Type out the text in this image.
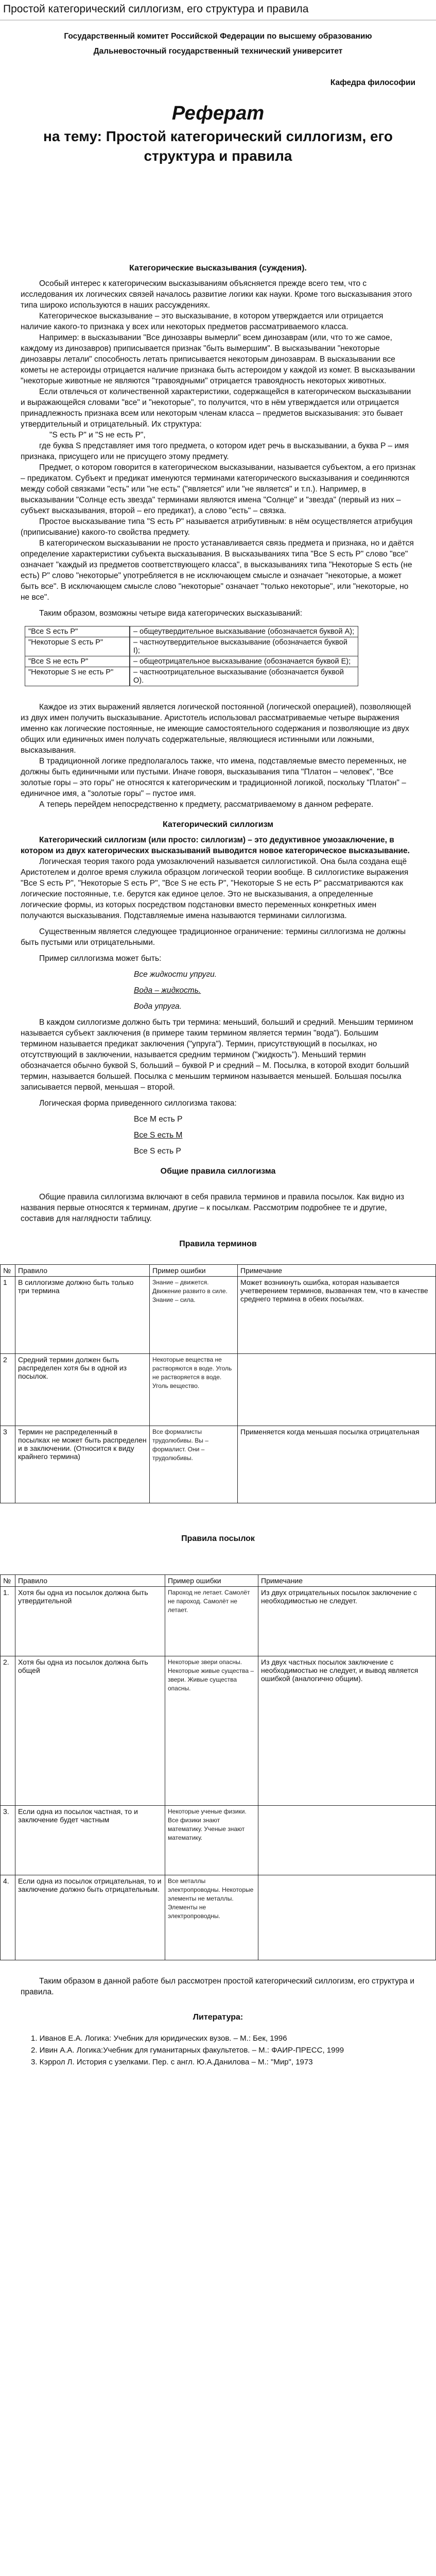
Простой категорический силлогизм, его структура и правила

Государственный комитет Российской Федерации по высшему образованию

Дальневосточный государственный технический университет

Кафедра философии

Реферат
на тему: Простой категорический силлогизм, его структура и правила

Категорические высказывания (суждения).

Особый интерес к категорическим высказываниям объясняется прежде всего тем, что с исследования их логических связей началось развитие логики как науки. Кроме того высказывания этого типа широко используются в наших рассуждениях.

Категорическое высказывание – это высказывание, в котором утверждается или отрицается наличие какого-то признака у всех или некоторых предметов рассматриваемого класса.

Например: в высказывании "Все динозавры вымерли" всем динозаврам (или, что то же самое, каждому из динозавров) приписывается признак "быть вымершим". В высказывании "некоторые динозавры летали" способность летать приписывается некоторым динозаврам. В высказывании все кометы не астероиды отрицается наличие признака быть астероидом у каждой из комет. В высказывании "некоторые животные не являются "травоядными" отрицается травоядность некоторых животных.

Если отвлечься от количественной характеристики, содержащейся в категорическом высказывании и выражающейся словами "все" и "некоторые", то получится, что в нём утверждается или отрицается принадлежность признака всем или некоторым членам класса – предметов высказывания: это бывает утвердительный и отрицательный. Их структура:

"S есть P" и "S не есть P",

где буква S представляет имя того предмета, о котором идет речь в высказывании, а буква P – имя признака, присущего или не присущего этому предмету.

Предмет, о котором говорится в категорическом высказывании, называется субъектом, а его признак – предикатом. Субъект и предикат именуются терминами категорического высказывания и соединяются между собой связками "есть" или "не есть" ("является" или "не является" и т.п.). Например, в высказывании "Солнце есть звезда" терминами являются имена "Солнце" и "звезда" (первый из них – субъект высказывания, второй – его предикат), а слово "есть" – связка.

Простое высказывание типа "S есть P" называется атрибутивным: в нём осуществляется атрибуция (приписывание) какого-то свойства предмету.

В категорическом высказывании не просто устанавливается связь предмета и признака, но и даётся определение характеристики субъекта высказывания. В высказываниях типа "Все S есть P" слово "все" означает "каждый из предметов соответствующего класса", в высказываниях типа "Некоторые S есть (не есть) P" слово "некоторые" употребляется в не исключающем смысле и означает "некоторые, а может быть все". В исключающем смысле слово "некоторые" означает "только некоторые", или "некоторые, но не все".

Таким образом, возможны четыре вида категорических высказываний:

"Все S есть P"	– общеутвердительное высказывание (обозначается буквой A);
"Некоторые S есть P"	– частноутвердительное высказывание (обозначается буквой I);
"Все S не есть P"	– общеотрицательное высказывание (обозначается буквой E);
"Некоторые S не есть P"	– частноотрицательное высказывание (обозначается буквой O).

Каждое из этих выражений является логической постоянной (логической операцией), позволяющей из двух имен получить высказывание. Аристотель использовал рассматриваемые четыре выражения именно как логические постоянные, не имеющие самостоятельного содержания и позволяющие из двух общих или единичных имен получать содержательные, являющиеся истинными или ложными, высказывания.

В традиционной логике предполагалось также, что имена, подставляемые вместо переменных, не должны быть единичными или пустыми. Иначе говоря, высказывания типа "Платон – человек", "Все золотые горы – это горы" не относятся к категорическим и традиционной логикой, поскольку "Платон" – единичное имя, а "золотые горы" – пустое имя.

А теперь перейдем непосредственно к предмету, рассматриваемому в данном реферате.

Категорический силлогизм

Категорический силлогизм (или просто: силлогизм) – это дедуктивное умозаключение, в котором из двух категорических высказываний выводится новое категорическое высказывание.

Логическая теория такого рода умозаключений называется силлогистикой. Она была создана ещё Аристотелем и долгое время служила образцом логической теории вообще. В силлогистике выражения "Все S есть P", "Некоторые S есть P", "Все S не есть P", "Некоторые S не есть P" рассматриваются как логические постоянные, т.е. берутся как единое целое. Это не высказывания, а определенные логические формы, из которых посредством подстановки вместо переменных конкретных имен получаются высказывания. Подставляемые имена называются терминами силлогизма.

Существенным является следующее традиционное ограничение: термины силлогизма не должны быть пустыми или отрицательными.

Пример силлогизма может быть:

Все жидкости упруги.

Вода – жидкость.

Вода упруга.

В каждом силлогизме должно быть три термина: меньший, больший и средний. Меньшим термином называется субъект заключения (в примере таким термином является термин "вода"). Большим термином называется предикат заключения ("упруга"). Термин, присутствующий в посылках, но отсутствующий в заключении, называется средним термином ("жидкость"). Меньший термин обозначается обычно буквой S, больший – буквой P и средний – M. Посылка, в которой входит больший термин, называется большей. Посылка с меньшим термином называется меньшей. Большая посылка записывается первой, меньшая – второй.

Логическая форма приведенного силлогизма такова:

Все M есть P

Все S есть M

Все S есть P

Общие правила силлогизма

Общие правила силлогизма включают в себя правила терминов и правила посылок. Как видно из названия первые относятся к терминам, другие – к посылкам. Рассмотрим подробнее те и другие, составив для наглядности таблицу.

Правила терминов

№	Правило	Пример ошибки	Примечание
1	В силлогизме должно быть только три термина	Знание – движется. Движение развито в силе. Знание – сила.	Может возникнуть ошибка, которая называется учетверением терминов, вызванная тем, что в качестве среднего термина в обеих посылках.
2	Средний термин должен быть распределен хотя бы в одной из посылок.	Некоторые вещества не растворяются в воде. Уголь не растворяется в воде. Уголь вещество.	
3	Термин не распределенный в посылках не может быть распределен и в заключении. (Относится к виду крайнего термина)	Все формалисты трудолюбивы. Вы – формалист. Они – трудолюбивы.	Применяется когда меньшая посылка отрицательная

Правила посылок

№	Правило	Пример ошибки	Примечание
1.	Хотя бы одна из посылок должна быть утвердительной	Пароход не летает. Самолёт не пароход. Самолёт не летает.	Из двух отрицательных посылок заключение с необходимостью не следует.
2.	Хотя бы одна из посылок должна быть общей	Некоторые звери опасны. Некоторые живые существа – звери. Живые существа опасны.	Из двух частных посылок заключение с необходимостью не следует, и вывод является ошибкой (аналогично общим).
3.	Если одна из посылок частная, то и заключение будет частным	Некоторые ученые физики. Все физики знают математику. Ученые знают математику.	
4.	Если одна из посылок отрицательная, то и заключение должно быть отрицательным.	Все металлы электропроводны. Некоторые элементы не металлы. Элементы не электропроводны.	

Таким образом в данной работе был рассмотрен простой категорический силлогизм, его структура и правила.

Литература:

1. Иванов Е.А. Логика: Учебник для юридических вузов. – М.: Бек, 1996

2. Ивин А.А. Логика:Учебник для гуманитарных факультетов. – М.: ФАИР-ПРЕСС, 1999

3. Кэррол Л. История с узелками. Пер. с англ. Ю.А.Данилова – М.: "Мир", 1973
